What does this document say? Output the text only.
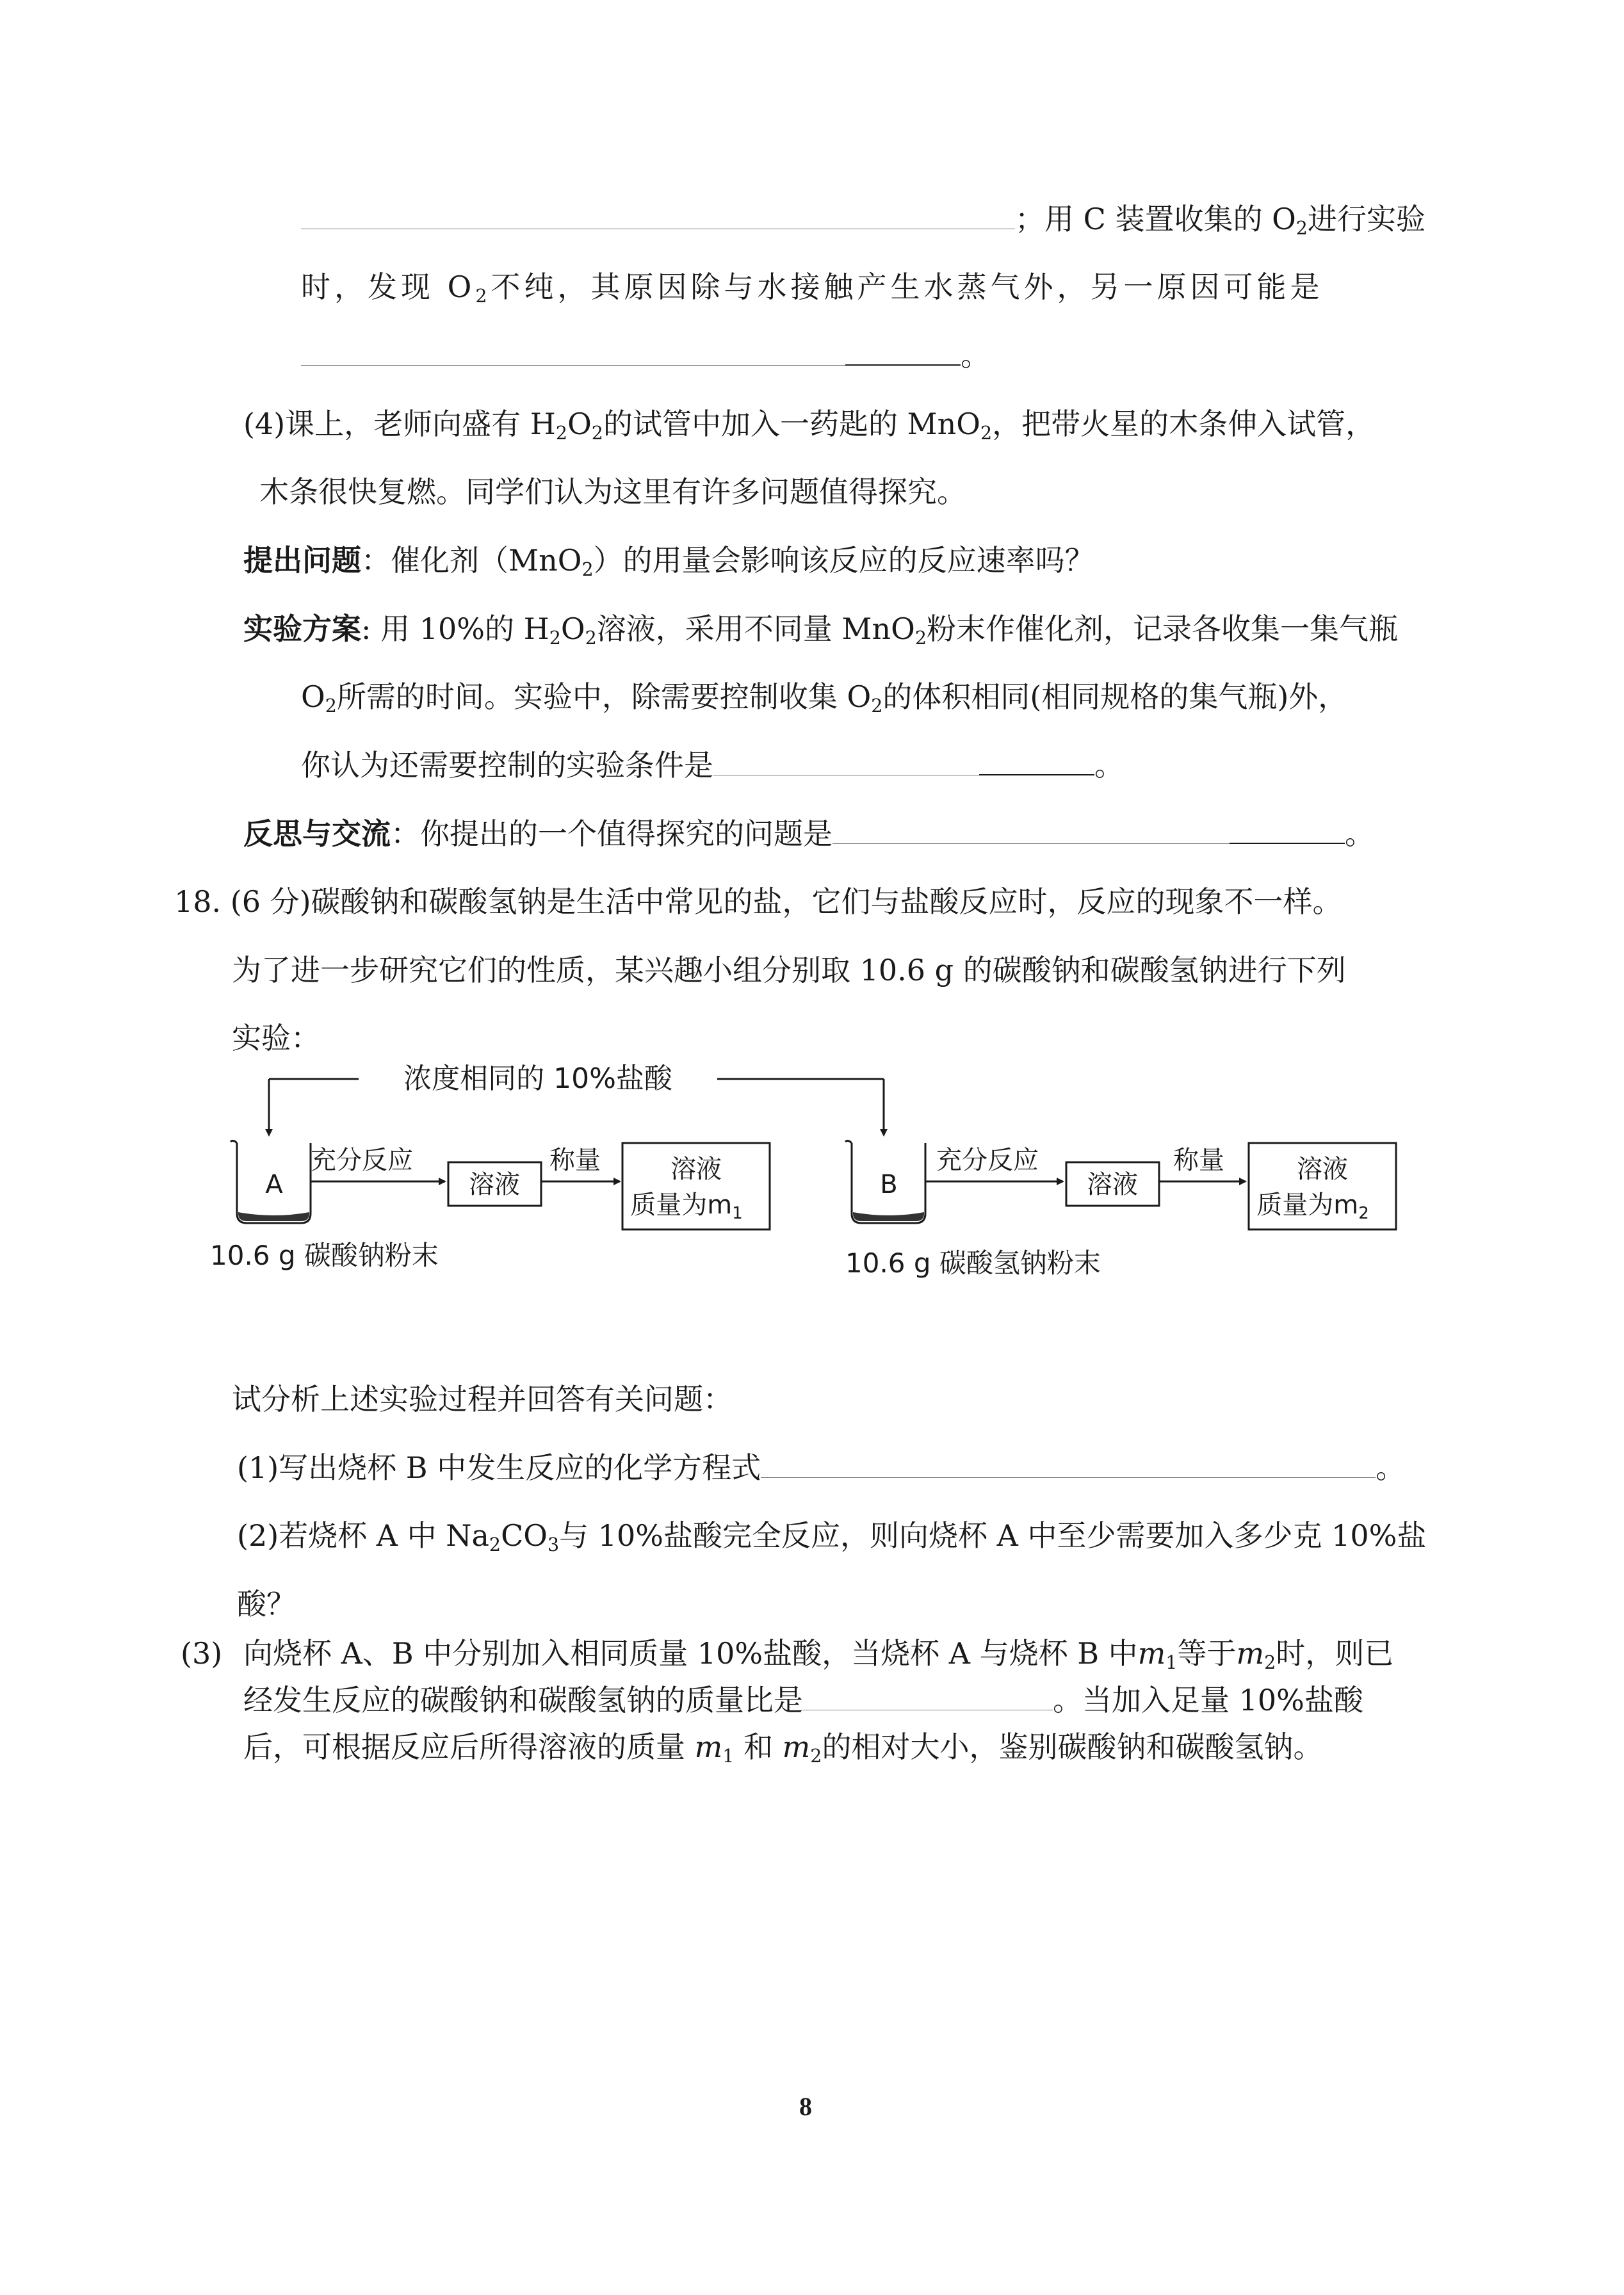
；用 C 装置收集的 $O_2$进行实验
时，发现 $O_2$不纯，其原因除与水接触产生水蒸气外，另一原因可能是
。
(4)课上，老师向盛有 $H_2O_2$的试管中加入一药匙的 MnO$_2$，把带火星的木条伸入试管，
木条很快复燃。同学们认为这里有许多问题值得探究。
提出问题：催化剂（MnO$_2$）的用量会影响该反应的反应速率吗？
实验方案: 用 10%的 $H_2O_2$溶液，采用不同量 MnO$_2$粉末作催化剂，记录各收集一集气瓶
$O_2$所需的时间。实验中，除需要控制收集 $O_2$的体积相同(相同规格的集气瓶)外，
你认为还需要控制的实验条件是	。
反思与交流：你提出的一个值得探究的问题是	。
18. (6 分)碳酸钠和碳酸氢钠是生活中常见的盐，它们与盐酸反应时，反应的现象不一样。
为了进一步研究它们的性质，某兴趣小组分别取 10.6 g 的碳酸钠和碳酸氢钠进行下列
实验：
浓度相同的 10%盐酸
A
充分反应
溶液
称量	溶液
质量为$m_1$
10.6 g 碳酸钠粉末
B
充分反应
溶液
称量	溶液
质量为$m_2$
10.6 g 碳酸氢钠粉末
试分析上述实验过程并回答有关问题：
(1)写出烧杯 B 中发生反应的化学方程式	。
(2)若烧杯 A 中 $Na_2CO_3$与 10%盐酸完全反应，则向烧杯 A 中至少需要加入多少克 10%盐
酸？
(3) 向烧杯 A、B 中分别加入相同质量 10%盐酸，当烧杯 A 与烧杯 B 中$m_1$等于$m_2$时，则已
经发生反应的碳酸钠和碳酸氢钠的质量比是	。当加入足量 10%盐酸
后，可根据反应后所得溶液的质量 $m_1$ 和 $m_2$的相对大小，鉴别碳酸钠和碳酸氢钠。
8
